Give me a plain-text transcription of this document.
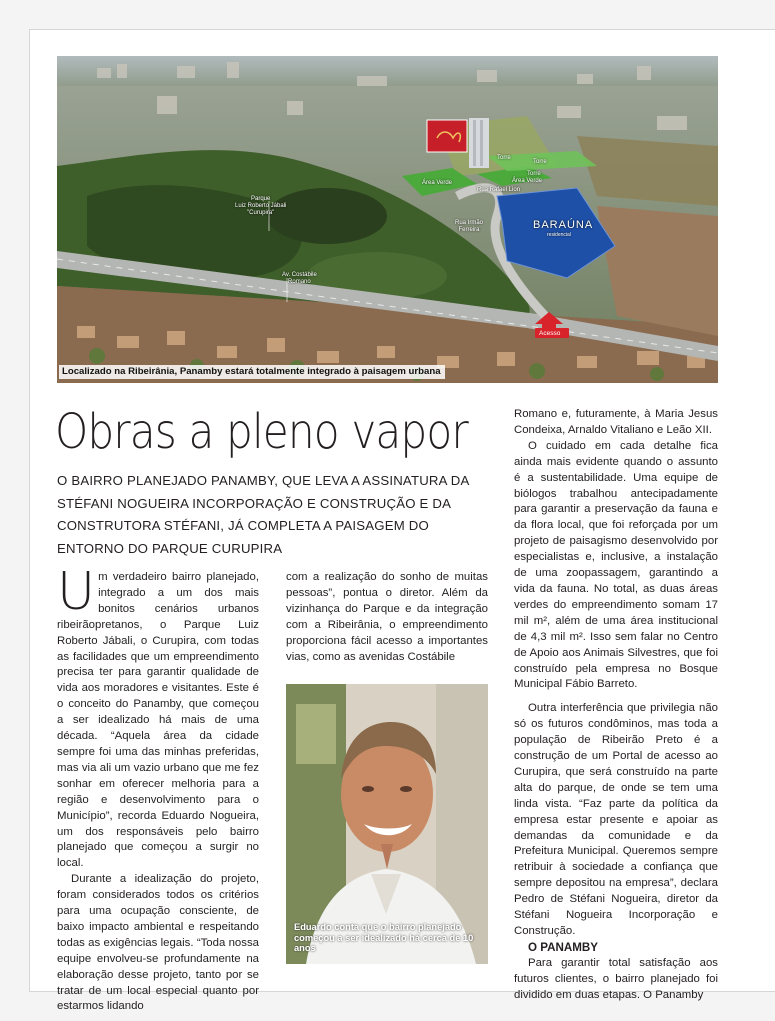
Parque
Luiz Roberto Jábali
"Curupira"
Av. Costábile
Romano
Rua Irmão
Ferreira
Rua Rafael Lion
Área Verde	Área Verde
Torre
Torre
Torre
BARAÚNA
residencial
Acesso
Localizado na Ribeirânia, Panamby estará totalmente integrado à paisagem urbana
Obras a pleno vapor
O BAIRRO PLANEJADO PANAMBY, QUE LEVA A ASSINATURA DA STÉFANI NOGUEIRA INCORPORAÇÃO E CONSTRUÇÃO E DA CONSTRUTORA STÉFANI, JÁ COMPLETA A PAISAGEM DO ENTORNO DO PARQUE CURUPIRA
U m verdadeiro bairro planejado, integrado a um dos mais bonitos cenários urbanos ribeirãopretanos, o Parque Luiz Roberto Jábali, o Curupira, com todas as facilidades que um empreendimento precisa ter para garantir qualidade de vida aos moradores e visitantes. Este é o conceito do Panamby, que começou a ser idealizado há mais de uma década. “Aquela área da cidade sempre foi uma das minhas preferidas, mas via ali um vazio urbano que me fez sonhar em oferecer melhoria para a região e desenvolvimento para o Município”, recorda Eduardo Nogueira, um dos responsáveis pelo bairro planejado que começou a surgir no local.

Durante a idealização do projeto, foram considerados todos os critérios para uma ocupação consciente, de baixo impacto ambiental e respeitando todas as exigências legais. “Toda nossa equipe envolveu-se profundamente na elaboração desse projeto, tanto por se tratar de um local especial quanto por estarmos lidando

com a realização do sonho de muitas pessoas”, pontua o diretor. Além da vizinhança do Parque e da integração com a Ribeirânia, o empreendimento proporciona fácil acesso a importantes vias, como as avenidas Costábile

Eduardo conta que o bairro planejado começou a ser idealizado há cerca de 10 anos

Romano e, futuramente, à Maria Jesus Condeixa, Arnaldo Vitaliano e Leão XII.

O cuidado em cada detalhe fica ainda mais evidente quando o assunto é a sustentabilidade. Uma equipe de biólogos trabalhou antecipadamente para garantir a preservação da fauna e da flora local, que foi reforçada por um projeto de paisagismo desenvolvido por especialistas e, inclusive, a instalação de uma zoopassagem, garantindo a vida da fauna. No total, as duas áreas verdes do empreendimento somam 17 mil m², além de uma área institucional de 4,3 mil m². Isso sem falar no Centro de Apoio aos Animais Silvestres, que foi construído pela empresa no Bosque Municipal Fábio Barreto.

Outra interferência que privilegia não só os futuros condôminos, mas toda a população de Ribeirão Preto é a construção de um Portal de acesso ao Curupira, que será construído na parte alta do parque, de onde se tem uma linda vista. “Faz parte da política da empresa estar presente e apoiar as demandas da comunidade e da Prefeitura Municipal. Queremos sempre retribuir à sociedade a confiança que sempre depositou na empresa”, declara Pedro de Stéfani Nogueira, diretor da Stéfani Nogueira Incorporação e Construção.

O PANAMBY

Para garantir total satisfação aos futuros clientes, o bairro planejado foi dividido em duas etapas. O Panamby
